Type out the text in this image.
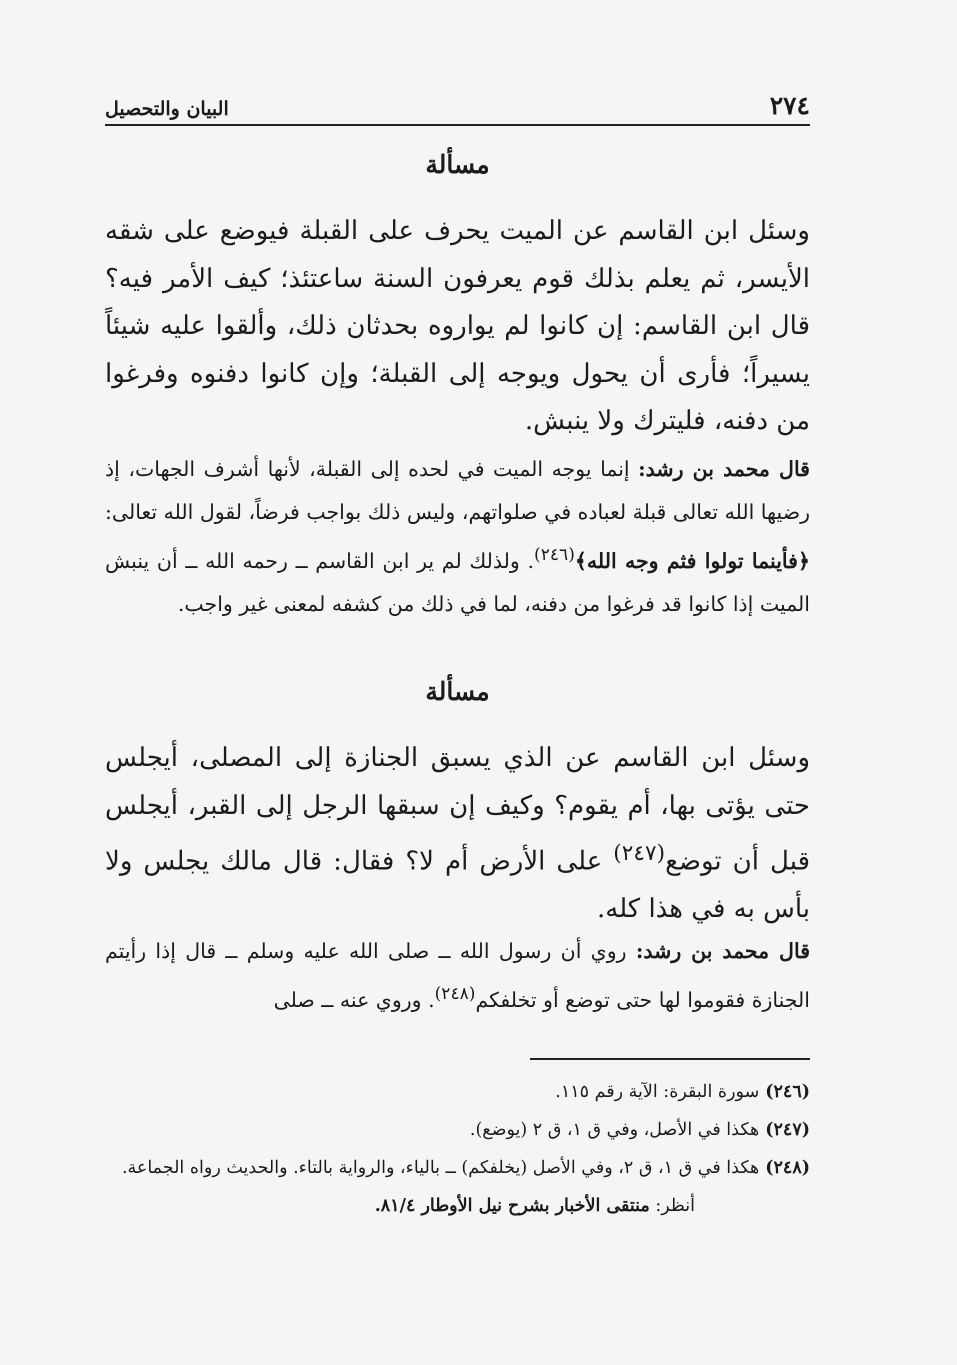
٢٧٤
البيان والتحصيل
مسألة
وسئل ابن القاسم عن الميت يحرف على القبلة فيوضع على شقه الأيسر، ثم يعلم بذلك قوم يعرفون السنة ساعتئذ؛ كيف الأمر فيه؟ قال ابن القاسم: إن كانوا لم يواروه بحدثان ذلك، وألقوا عليه شيئاً يسيراً؛ فأرى أن يحول ويوجه إلى القبلة؛ وإن كانوا دفنوه وفرغوا من دفنه، فليترك ولا ينبش.
قال محمد بن رشد: إنما يوجه الميت في لحده إلى القبلة، لأنها أشرف الجهات، إذ رضيها الله تعالى قبلة لعباده في صلواتهم، وليس ذلك بواجب فرضاً، لقول الله تعالى: ﴿فأينما تولوا فثم وجه الله﴾$^{(٢٤٦)}$. ولذلك لم ير ابن القاسم ــ رحمه الله ــ أن ينبش الميت إذا كانوا قد فرغوا من دفنه، لما في ذلك من كشفه لمعنى غير واجب.
مسألة
وسئل ابن القاسم عن الذي يسبق الجنازة إلى المصلى، أيجلس حتى يؤتى بها، أم يقوم؟ وكيف إن سبقها الرجل إلى القبر، أيجلس قبل أن توضع$^{(٢٤٧)}$ على الأرض أم لا؟ فقال: قال مالك يجلس ولا بأس به في هذا كله.
قال محمد بن رشد: روي أن رسول الله ــ صلى الله عليه وسلم ــ قال إذا رأيتم الجنازة فقوموا لها حتى توضع أو تخلفكم$^{(٢٤٨)}$. وروي عنه ــ صلى
(٢٤٦)سورة البقرة: الآية رقم ١١٥.
(٢٤٧)هكذا في الأصل، وفي ق ١، ق ٢ (يوضع).
(٢٤٨)هكذا في ق ١، ق ٢، وفي الأصل (يخلفكم) ــ بالياء، والرواية بالتاء. والحديث رواه الجماعة.
أنظر: منتقى الأخبار بشرح نيل الأوطار ٨١/٤.
